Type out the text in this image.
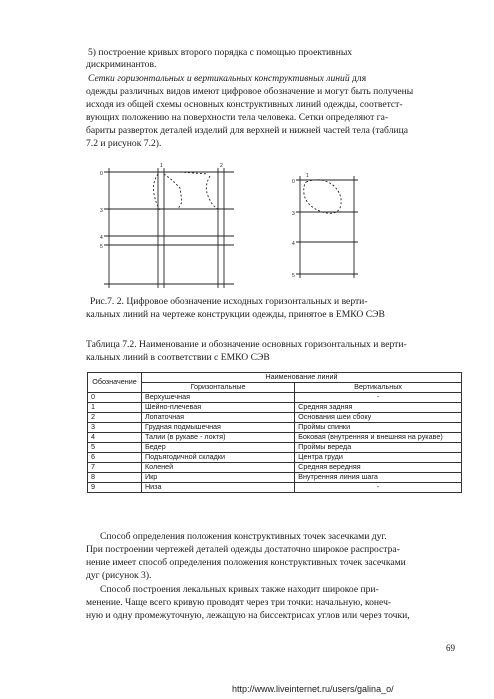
5) построение кривых второго порядка с помощью проективных

дискриминантов.

Сетки горизонтальных и вертикальных конструктивных линий для

одежды различных видов имеют цифровое обозначение и могут быть получены

исходя из общей схемы основных конструктивных линий одежды, соответст-

вующих положению на поверхности тела человека. Сетки определяют га-

бариты разверток деталей изделий для верхней и нижней частей тела (таблица

7.2 и рисунок 7.2).

0
3
4
5
1	2
0
3
4
5
1

Рис.7. 2. Цифровое обозначение исходных горизонтальных и верти-

кальных линий на чертеже конструкции одежды, принятое в ЕМКО СЭВ

Таблица 7.2. Наименование и обозначение основных горизонтальных и верти-

кальных линий в соответствии с ЕМКО СЭВ

Обозначение	Наименование линий	
	Горизонтальные	Вертикальных
0	Верхушечная	-
1	Шейно-плечевая	Средняя задняя
2	Лопаточная	Основания шеи сбоку
3	Грудная подмышечная	Проймы спинки
4	Талии (в рукаве - локтя)	Боковая (внутренняя и внешняя на рукаве)
5	Бедер	Проймы вереда
6	Подъягодичной складки	Центра груди
7	Коленей	Средняя вередняя
8	Икр	Внутренняя линия шага
9	Низа	-

Способ определения положения конструктивных точек засечками дуг.

При построении чертежей деталей одежды достаточно широкое распростра-

нение имеет способ определения положения конструктивных точек засечками

дуг (рисунок 3).

Способ построения лекальных кривых также находит широкое при-

менение. Чаще всего кривую проводят через три точки: начальную, конеч-

ную и одну промежуточную, лежащую на биссектрисах углов или через точки,

69
http://www.liveinternet.ru/users/galina_o/
